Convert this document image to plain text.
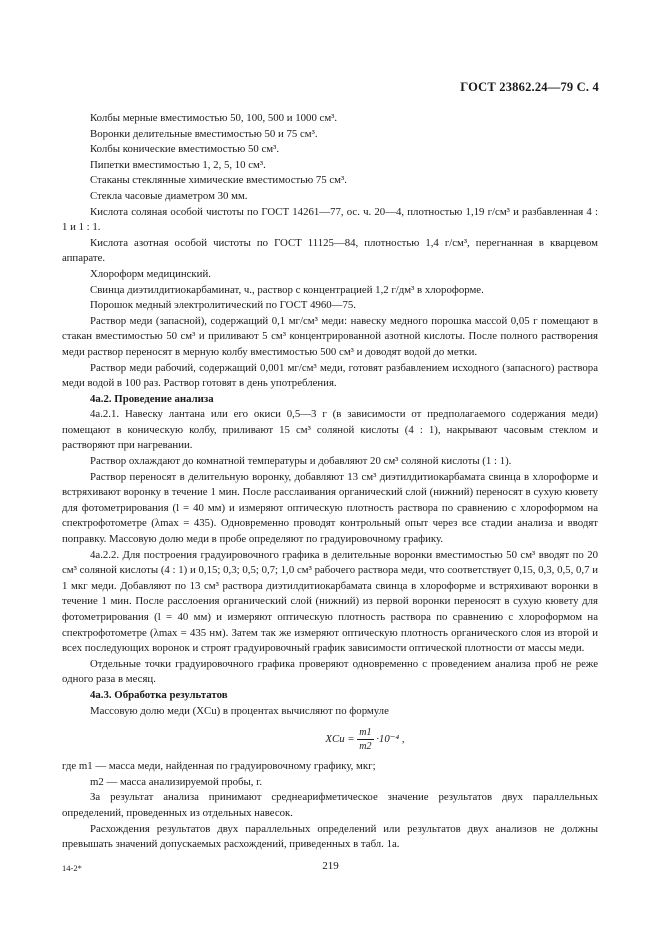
ГОСТ 23862.24—79 С. 4

Колбы мерные вместимостью 50, 100, 500 и 1000 см³.

Воронки делительные вместимостью 50 и 75 см³.

Колбы конические вместимостью 50 см³.

Пипетки вместимостью 1, 2, 5, 10 см³.

Стаканы стеклянные химические вместимостью 75 см³.

Стекла часовые диаметром 30 мм.

Кислота соляная особой чистоты по ГОСТ 14261—77, ос. ч. 20—4, плотностью 1,19 г/см³ и разбавленная 4 : 1 и 1 : 1.

Кислота азотная особой чистоты по ГОСТ 11125—84, плотностью 1,4 г/см³, перегнанная в кварцевом аппарате.

Хлороформ медицинский.

Свинца диэтилдитиокарбаминат, ч., раствор с концентрацией 1,2 г/дм³ в хлороформе.

Порошок медный электролитический по ГОСТ 4960—75.

Раствор меди (запасной), содержащий 0,1 мг/см³ меди: навеску медного порошка массой 0,05 г помещают в стакан вместимостью 50 см³ и приливают 5 см³ концентрированной азотной кислоты. После полного растворения меди раствор переносят в мерную колбу вместимостью 500 см³ и доводят водой до метки.

Раствор меди рабочий, содержащий 0,001 мг/см³ меди, готовят разбавлением исходного (запасного) раствора меди водой в 100 раз. Раствор готовят в день употребления.

4а.2. Проведение анализа

4а.2.1. Навеску лантана или его окиси 0,5—3 г (в зависимости от предполагаемого содержания меди) помещают в коническую колбу, приливают 15 см³ соляной кислоты (4 : 1), накрывают часовым стеклом и растворяют при нагревании.

Раствор охлаждают до комнатной температуры и добавляют 20 см³ соляной кислоты (1 : 1).

Раствор переносят в делительную воронку, добавляют 13 см³ диэтилдитиокарбамата свинца в хлороформе и встряхивают воронку в течение 1 мин. После расслаивания органический слой (нижний) переносят в сухую кювету для фотометрирования (l = 40 мм) и измеряют оптическую плотность раствора по сравнению с хлороформом на спектрофотометре (λmax = 435). Одновременно проводят контрольный опыт через все стадии анализа и вводят поправку. Массовую долю меди в пробе определяют по градуировочному графику.

4а.2.2. Для построения градуировочного графика в делительные воронки вместимостью 50 см³ вводят по 20 см³ соляной кислоты (4 : 1) и 0,15; 0,3; 0,5; 0,7; 1,0 см³ рабочего раствора меди, что соответствует 0,15, 0,3, 0,5, 0,7 и 1 мкг меди. Добавляют по 13 см³ раствора диэтилдитиокарбамата свинца в хлороформе и встряхивают воронки в течение 1 мин. После расслоения органический слой (нижний) из первой воронки переносят в сухую кювету для фотометрирования (l = 40 мм) и измеряют оптическую плотность раствора по сравнению с хлороформом на спектрофотометре (λmax = 435 нм). Затем так же измеряют оптическую плотность органического слоя из второй и всех последующих воронок и строят градуировочный график зависимости оптической плотности от массы меди.

Отдельные точки градуировочного графика проверяют одновременно с проведением анализа проб не реже одного раза в месяц.

4а.3. Обработка результатов

Массовую долю меди (XCu) в процентах вычисляют по формуле

XCu = $\frac{m1}{m2} \cdot 10^{-4}$ ,

где m1 — масса меди, найденная по градуировочному графику, мкг;

m2 — масса анализируемой пробы, г.

За результат анализа принимают среднеарифметическое значение результатов двух параллельных определений, проведенных из отдельных навесок.

Расхождения результатов двух параллельных определений или результатов двух анализов не должны превышать значений допускаемых расхождений, приведенных в табл. 1а.

14-2*	219
